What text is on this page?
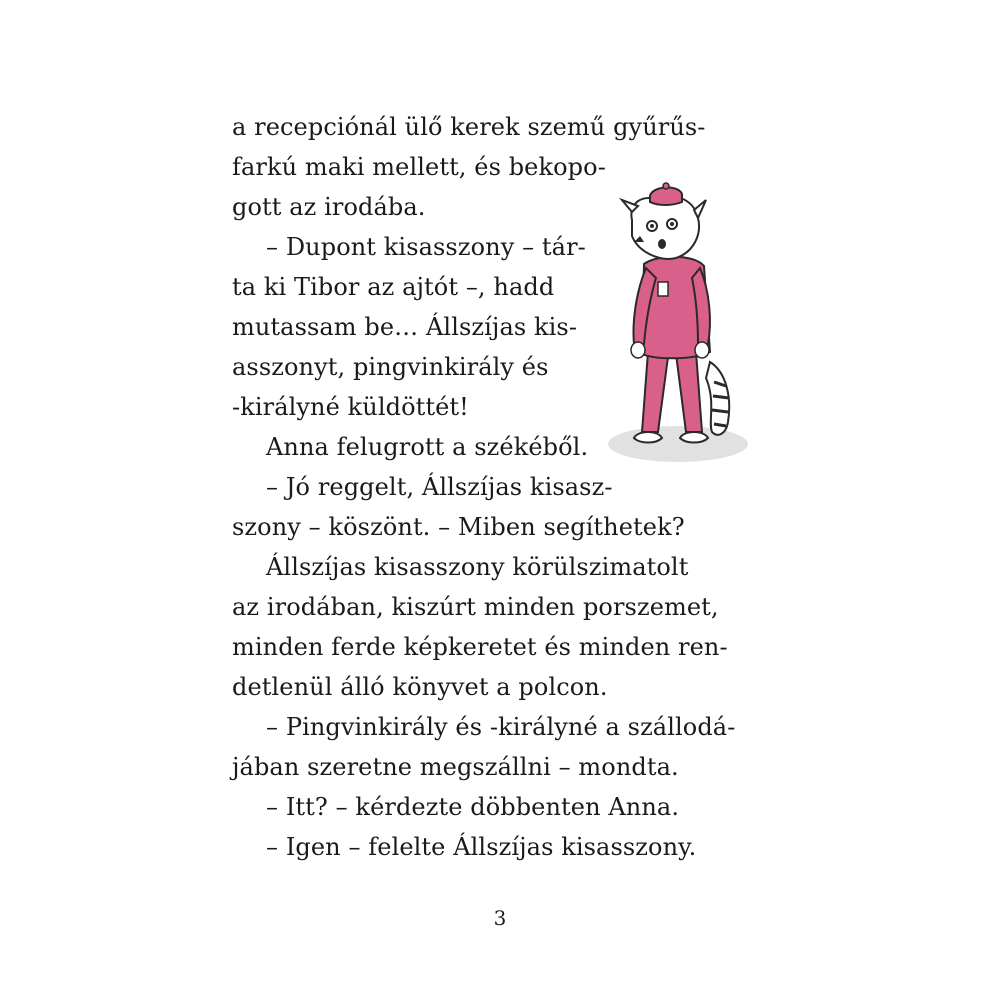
a recepciónál ülő kerek szemű gyűrűs-
farkú maki mellett, és bekopo-
gott az irodába.
– Dupont kisasszony – tár-
ta ki Tibor az ajtót –, hadd
mutassam be… Állszíjas kis-
asszonyt, pingvinkirály és
-királyné küldöttét!
Anna felugrott a székéből.
– Jó reggelt, Állszíjas kisasz-
szony – köszönt. – Miben segíthetek?
Állszíjas kisasszony körülszimatolt
az irodában, kiszúrt minden porszemet,
minden ferde képkeretet és minden ren-
detlenül álló könyvet a polcon.
– Pingvinkirály és -királyné a szállodá-
jában szeretne megszállni – mondta.
– Itt? – kérdezte döbbenten Anna.
– Igen – felelte Állszíjas kisasszony.
3
